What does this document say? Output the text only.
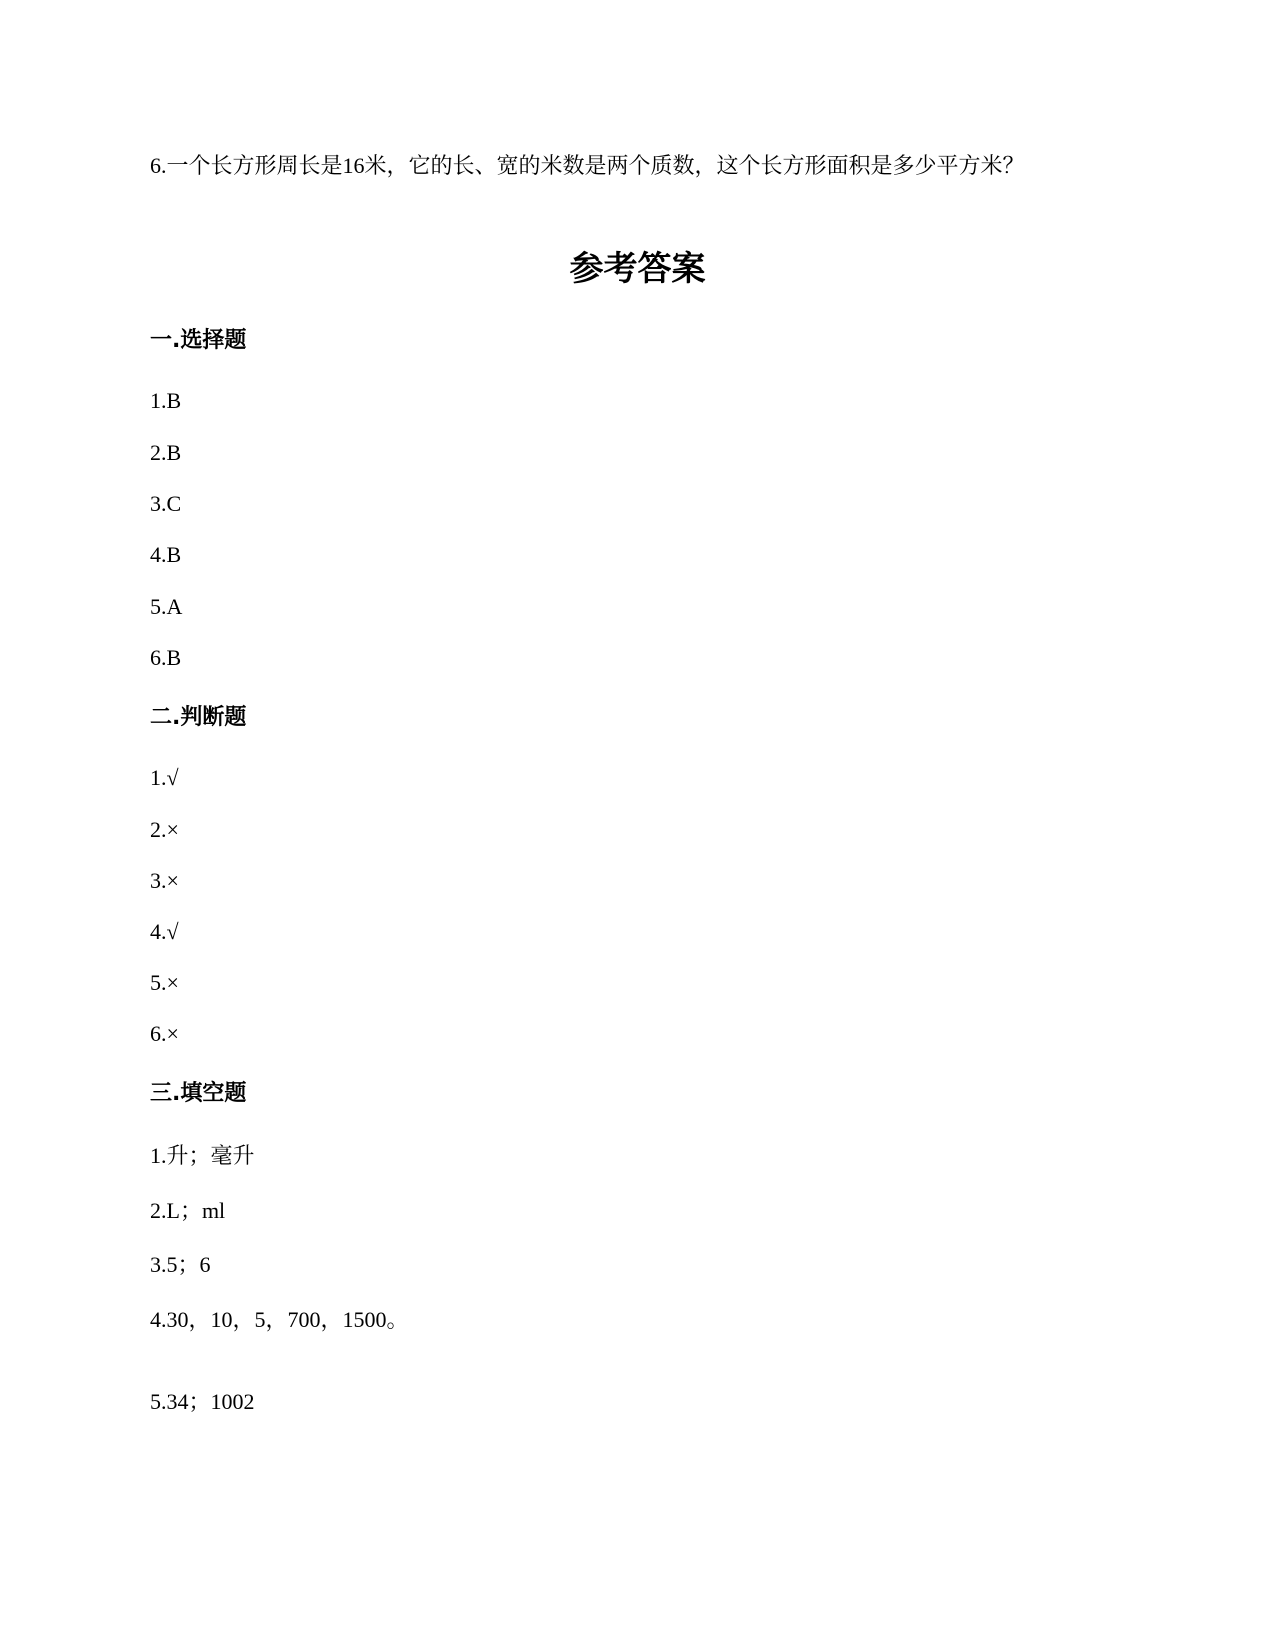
6.一个长方形周长是16米，它的长、宽的米数是两个质数，这个长方形面积是多少平方米？
参考答案
一.选择题
1.B
2.B
3.C
4.B
5.A
6.B
二.判断题
1.√
2.×
3.×
4.√
5.×
6.×
三.填空题
1.升；毫升
2.L；ml
3.5；6
4.30，10，5，700，1500。
5.34；1002
